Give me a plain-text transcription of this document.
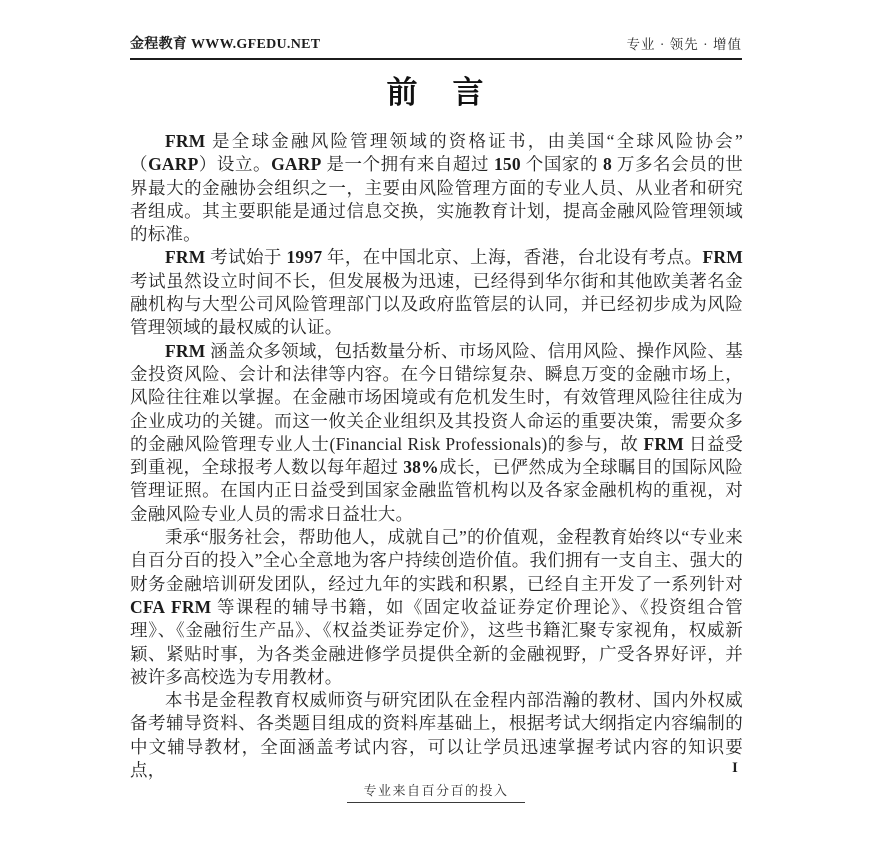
金程教育 WWW.GFEDU.NET	专业 · 领先 · 增值
前　言

FRM 是全球金融风险管理领域的资格证书，由美国“全球风险协会”（GARP）设立。GARP 是一个拥有来自超过 150 个国家的 8 万多名会员的世界最大的金融协会组织之一，主要由风险管理方面的专业人员、从业者和研究者组成。其主要职能是通过信息交换，实施教育计划，提高金融风险管理领域的标准。

FRM 考试始于 1997 年，在中国北京、上海，香港，台北设有考点。FRM 考试虽然设立时间不长，但发展极为迅速，已经得到华尔街和其他欧美著名金融机构与大型公司风险管理部门以及政府监管层的认同，并已经初步成为风险管理领域的最权威的认证。

FRM 涵盖众多领域，包括数量分析、市场风险、信用风险、操作风险、基金投资风险、会计和法律等内容。在今日错综复杂、瞬息万变的金融市场上，风险往往难以掌握。在金融市场困境或有危机发生时，有效管理风险往往成为企业成功的关键。而这一攸关企业组织及其投资人命运的重要决策，需要众多的金融风险管理专业人士(Financial Risk Professionals)的参与，故 FRM 日益受到重视，全球报考人数以每年超过 38%成长，已俨然成为全球瞩目的国际风险管理证照。在国内正日益受到国家金融监管机构以及各家金融机构的重视，对金融风险专业人员的需求日益壮大。

秉承“服务社会，帮助他人，成就自己”的价值观，金程教育始终以“专业来自百分百的投入”全心全意地为客户持续创造价值。我们拥有一支自主、强大的财务金融培训研发团队，经过九年的实践和积累，已经自主开发了一系列针对 CFA FRM 等课程的辅导书籍，如《固定收益证券定价理论》、《投资组合管理》、《金融衍生产品》、《权益类证券定价》，这些书籍汇聚专家视角，权威新颖、紧贴时事，为各类金融进修学员提供全新的金融视野，广受各界好评，并被许多高校选为专用教材。

本书是金程教育权威师资与研究团队在金程内部浩瀚的教材、国内外权威备考辅导资料、各类题目组成的资料库基础上，根据考试大纲指定内容编制的中文辅导教材，全面涵盖考试内容，可以让学员迅速掌握考试内容的知识要点，

专业来自百分百的投入
I
